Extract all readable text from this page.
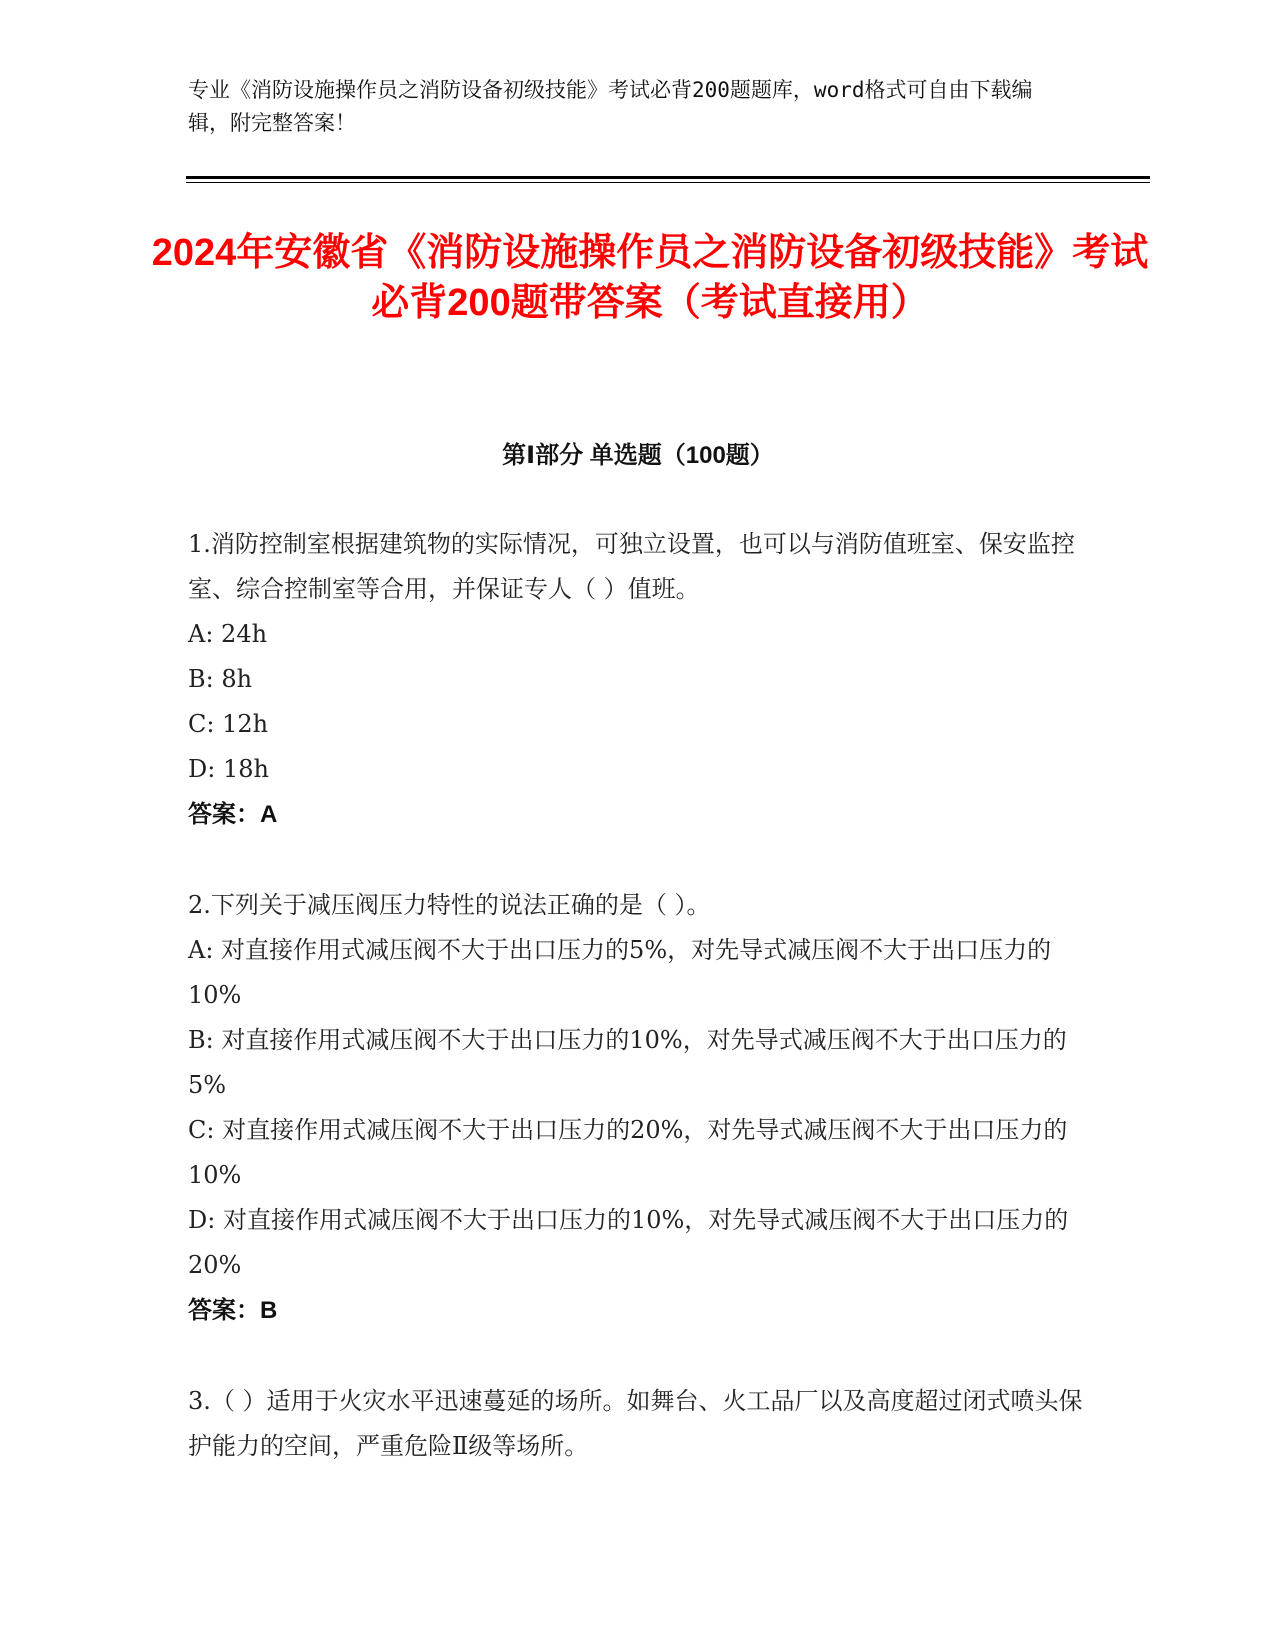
专业《消防设施操作员之消防设备初级技能》考试必背200题题库，word格式可自由下载编辑，附完整答案！
2024年安徽省《消防设施操作员之消防设备初级技能》考试必背200题带答案（考试直接用）
第Ⅰ部分 单选题（100题）

1.消防控制室根据建筑物的实际情况，可独立设置，也可以与消防值班室、保安监控室、综合控制室等合用，并保证专人（ ）值班。

A: 24h

B: 8h

C: 12h

D: 18h

答案：A

2.下列关于减压阀压力特性的说法正确的是（ ）。

A: 对直接作用式减压阀不大于出口压力的5%，对先导式减压阀不大于出口压力的10%

B: 对直接作用式减压阀不大于出口压力的10%，对先导式减压阀不大于出口压力的5%

C: 对直接作用式减压阀不大于出口压力的20%，对先导式减压阀不大于出口压力的10%

D: 对直接作用式减压阀不大于出口压力的10%，对先导式减压阀不大于出口压力的20%

答案：B

3.（ ）适用于火灾水平迅速蔓延的场所。如舞台、火工品厂以及高度超过闭式喷头保护能力的空间，严重危险Ⅱ级等场所。
